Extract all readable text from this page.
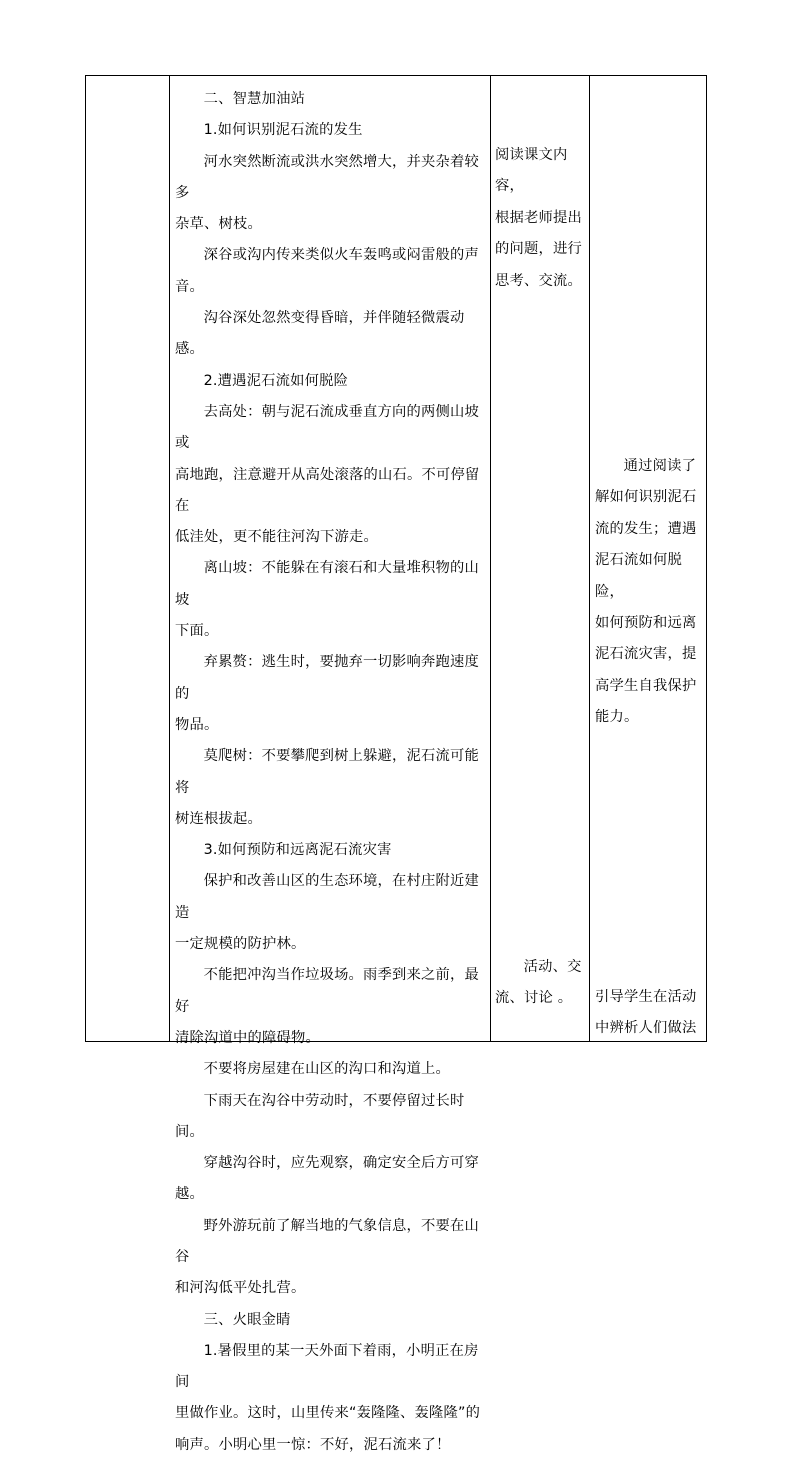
二、智慧加油站

1.如何识别泥石流的发生

河水突然断流或洪水突然增大，并夹杂着较多

杂草、树枝。

深谷或沟内传来类似火车轰鸣或闷雷般的声

音。

沟谷深处忽然变得昏暗，并伴随轻微震动感。

2.遭遇泥石流如何脱险

去高处：朝与泥石流成垂直方向的两侧山坡或

高地跑，注意避开从高处滚落的山石。不可停留在

低洼处，更不能往河沟下游走。

离山坡：不能躲在有滚石和大量堆积物的山坡

下面。

弃累赘：逃生时，要抛弃一切影响奔跑速度的

物品。

莫爬树：不要攀爬到树上躲避，泥石流可能将

树连根拔起。

3.如何预防和远离泥石流灾害

保护和改善山区的生态环境，在村庄附近建造

一定规模的防护林。

不能把冲沟当作垃圾场。雨季到来之前，最好

清除沟道中的障碍物。

不要将房屋建在山区的沟口和沟道上。

下雨天在沟谷中劳动时，不要停留过长时间。

穿越沟谷时，应先观察，确定安全后方可穿越。

野外游玩前了解当地的气象信息，不要在山谷

和河沟低平处扎营。

三、火眼金睛

1.暑假里的某一天外面下着雨，小明正在房间

里做作业。这时，山里传来“轰隆隆、轰隆隆”的

响声。小明心里一惊：不好，泥石流来了！

阅读课文内容，

根据老师提出

的问题，进行

思考、交流。

活动、交

流、讨论 。

通过阅读了

解如何识别泥石

流的发生；遭遇

泥石流如何脱险，

如何预防和远离

泥石流灾害，提

高学生自我保护

能力。

引导学生在活动

中辨析人们做法
